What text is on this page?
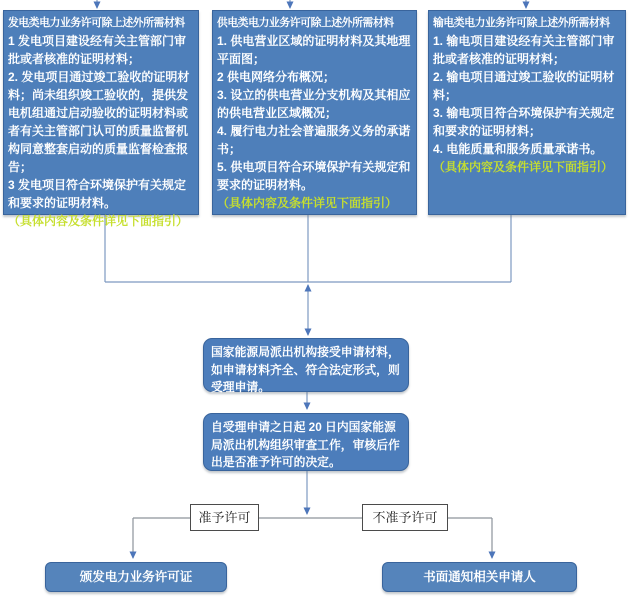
发电类电力业务许可除上述外所需材料
1 发电项目建设经有关主管部门审批或者核准的证明材料；
2. 发电项目通过竣工验收的证明材料；尚未组织竣工验收的，提供发电机组通过启动验收的证明材料或者有关主管部门认可的质量监督机构同意整套启动的质量监督检查报告；
3 发电项目符合环境保护有关规定和要求的证明材料。
（具体内容及条件详见下面指引）
供电类电力业务许可除上述外所需材料
1. 供电营业区域的证明材料及其地理平面图；
2 供电网络分布概况；
3. 设立的供电营业分支机构及其相应的供电营业区域概况；
4. 履行电力社会普遍服务义务的承诺书；
5. 供电项目符合环境保护有关规定和要求的证明材料。
（具体内容及条件详见下面指引）
输电类电力业务许可除上述外所需材料
1. 输电项目建设经有关主管部门审批或者核准的证明材料；
2. 输电项目通过竣工验收的证明材料；
3. 输电项目符合环境保护有关规定和要求的证明材料；
4. 电能质量和服务质量承诺书。
（具体内容及条件详见下面指引）
国家能源局派出机构接受申请材料，如申请材料齐全、符合法定形式，则受理申请。
自受理申请之日起 20 日内国家能源局派出机构组织审查工作，审核后作出是否准予许可的决定。
准予许可	不准予许可
颁发电力业务许可证	书面通知相关申请人
